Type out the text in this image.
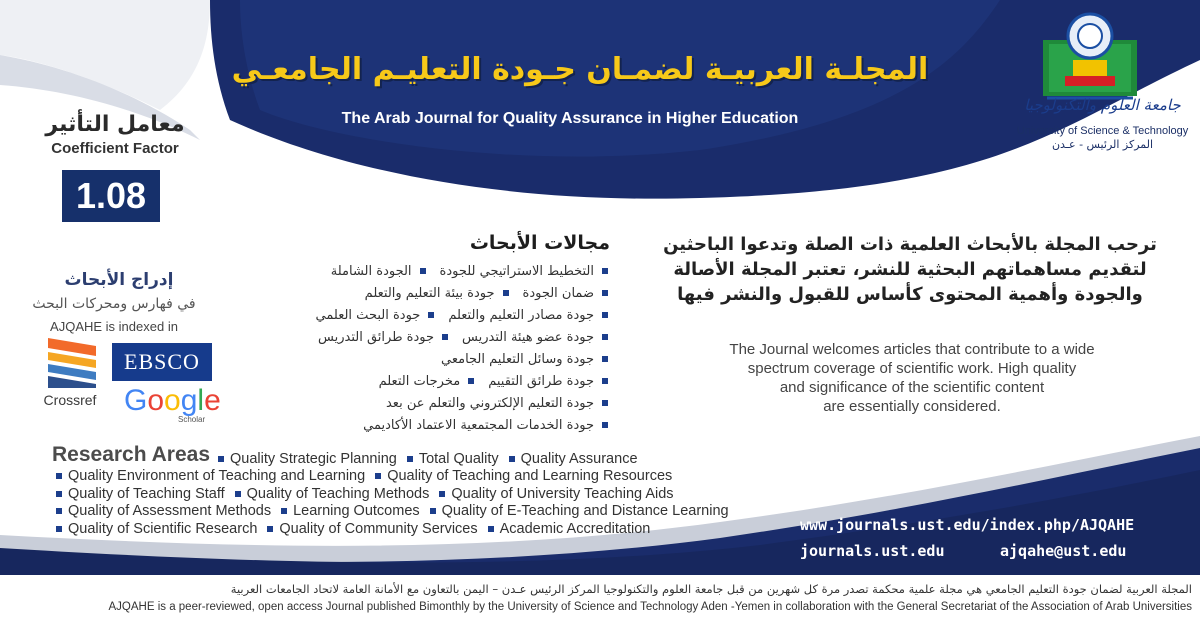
المجلـة العربيـة لضمـان جـودة التعليـم الجامعـي
The Arab Journal for Quality Assurance in Higher Education
جامعة العلوم والتكنولوجيا
University of Science & Technology
المركز الرئيس - عـدن
معامل التأثير
Coefficient Factor
1.08
إدراج الأبحاث
في فهارس ومحركات البحث
AJQAHE is indexed in
Crossref
EBSCO
Google
Scholar
مجالات الأبحاث
التخطيط الاستراتيجي للجودة
الجودة الشاملة
ضمان الجودة
جودة بيئة التعليم والتعلم
جودة مصادر التعليم والتعلم
جودة البحث العلمي
جودة عضو هيئة التدريس
جودة طرائق التدريس
جودة وسائل التعليم الجامعي
جودة طرائق التقييم
مخرجات التعلم
جودة التعليم الإلكتروني والتعلم عن بعد
جودة الخدمات المجتمعية الاعتماد الأكاديمي
ترحب المجلة بالأبحاث العلمية ذات الصلة وتدعوا الباحثين لتقديم مساهماتهم البحثية للنشر، تعتبر المجلة الأصالة والجودة وأهمية المحتوى كأساس للقبول والنشر فيها
The Journal welcomes articles that contribute to a wide
spectrum coverage of scientific work. High quality
and significance of the scientific content
are essentially considered.
Research Areas Quality Strategic Planning Total Quality Quality Assurance
Quality Environment of Teaching and Learning Quality of Teaching and Learning Resources
Quality of Teaching Staff Quality of Teaching Methods Quality of University Teaching Aids
Quality of Assessment Methods Learning Outcomes Quality of E-Teaching and Distance Learning
Quality of Scientific Research Quality of Community Services Academic Accreditation	www.journals.ust.edu/index.php/AJQAHE
journals.ust.edu	ajqahe@ust.edu
المجلة العربية لضمان جودة التعليم الجامعي هي مجلة علمية محكمة تصدر مرة كل شهرين من قبل جامعة العلوم والتكنولوجيا المركز الرئيس عـدن – اليمن بالتعاون مع الأمانة العامة لاتحاد الجامعات العربية
AJQAHE is a peer-reviewed, open access Journal published Bimonthly by the University of Science and Technology Aden -Yemen in collaboration with the General Secretariat of the Association of Arab Universities
